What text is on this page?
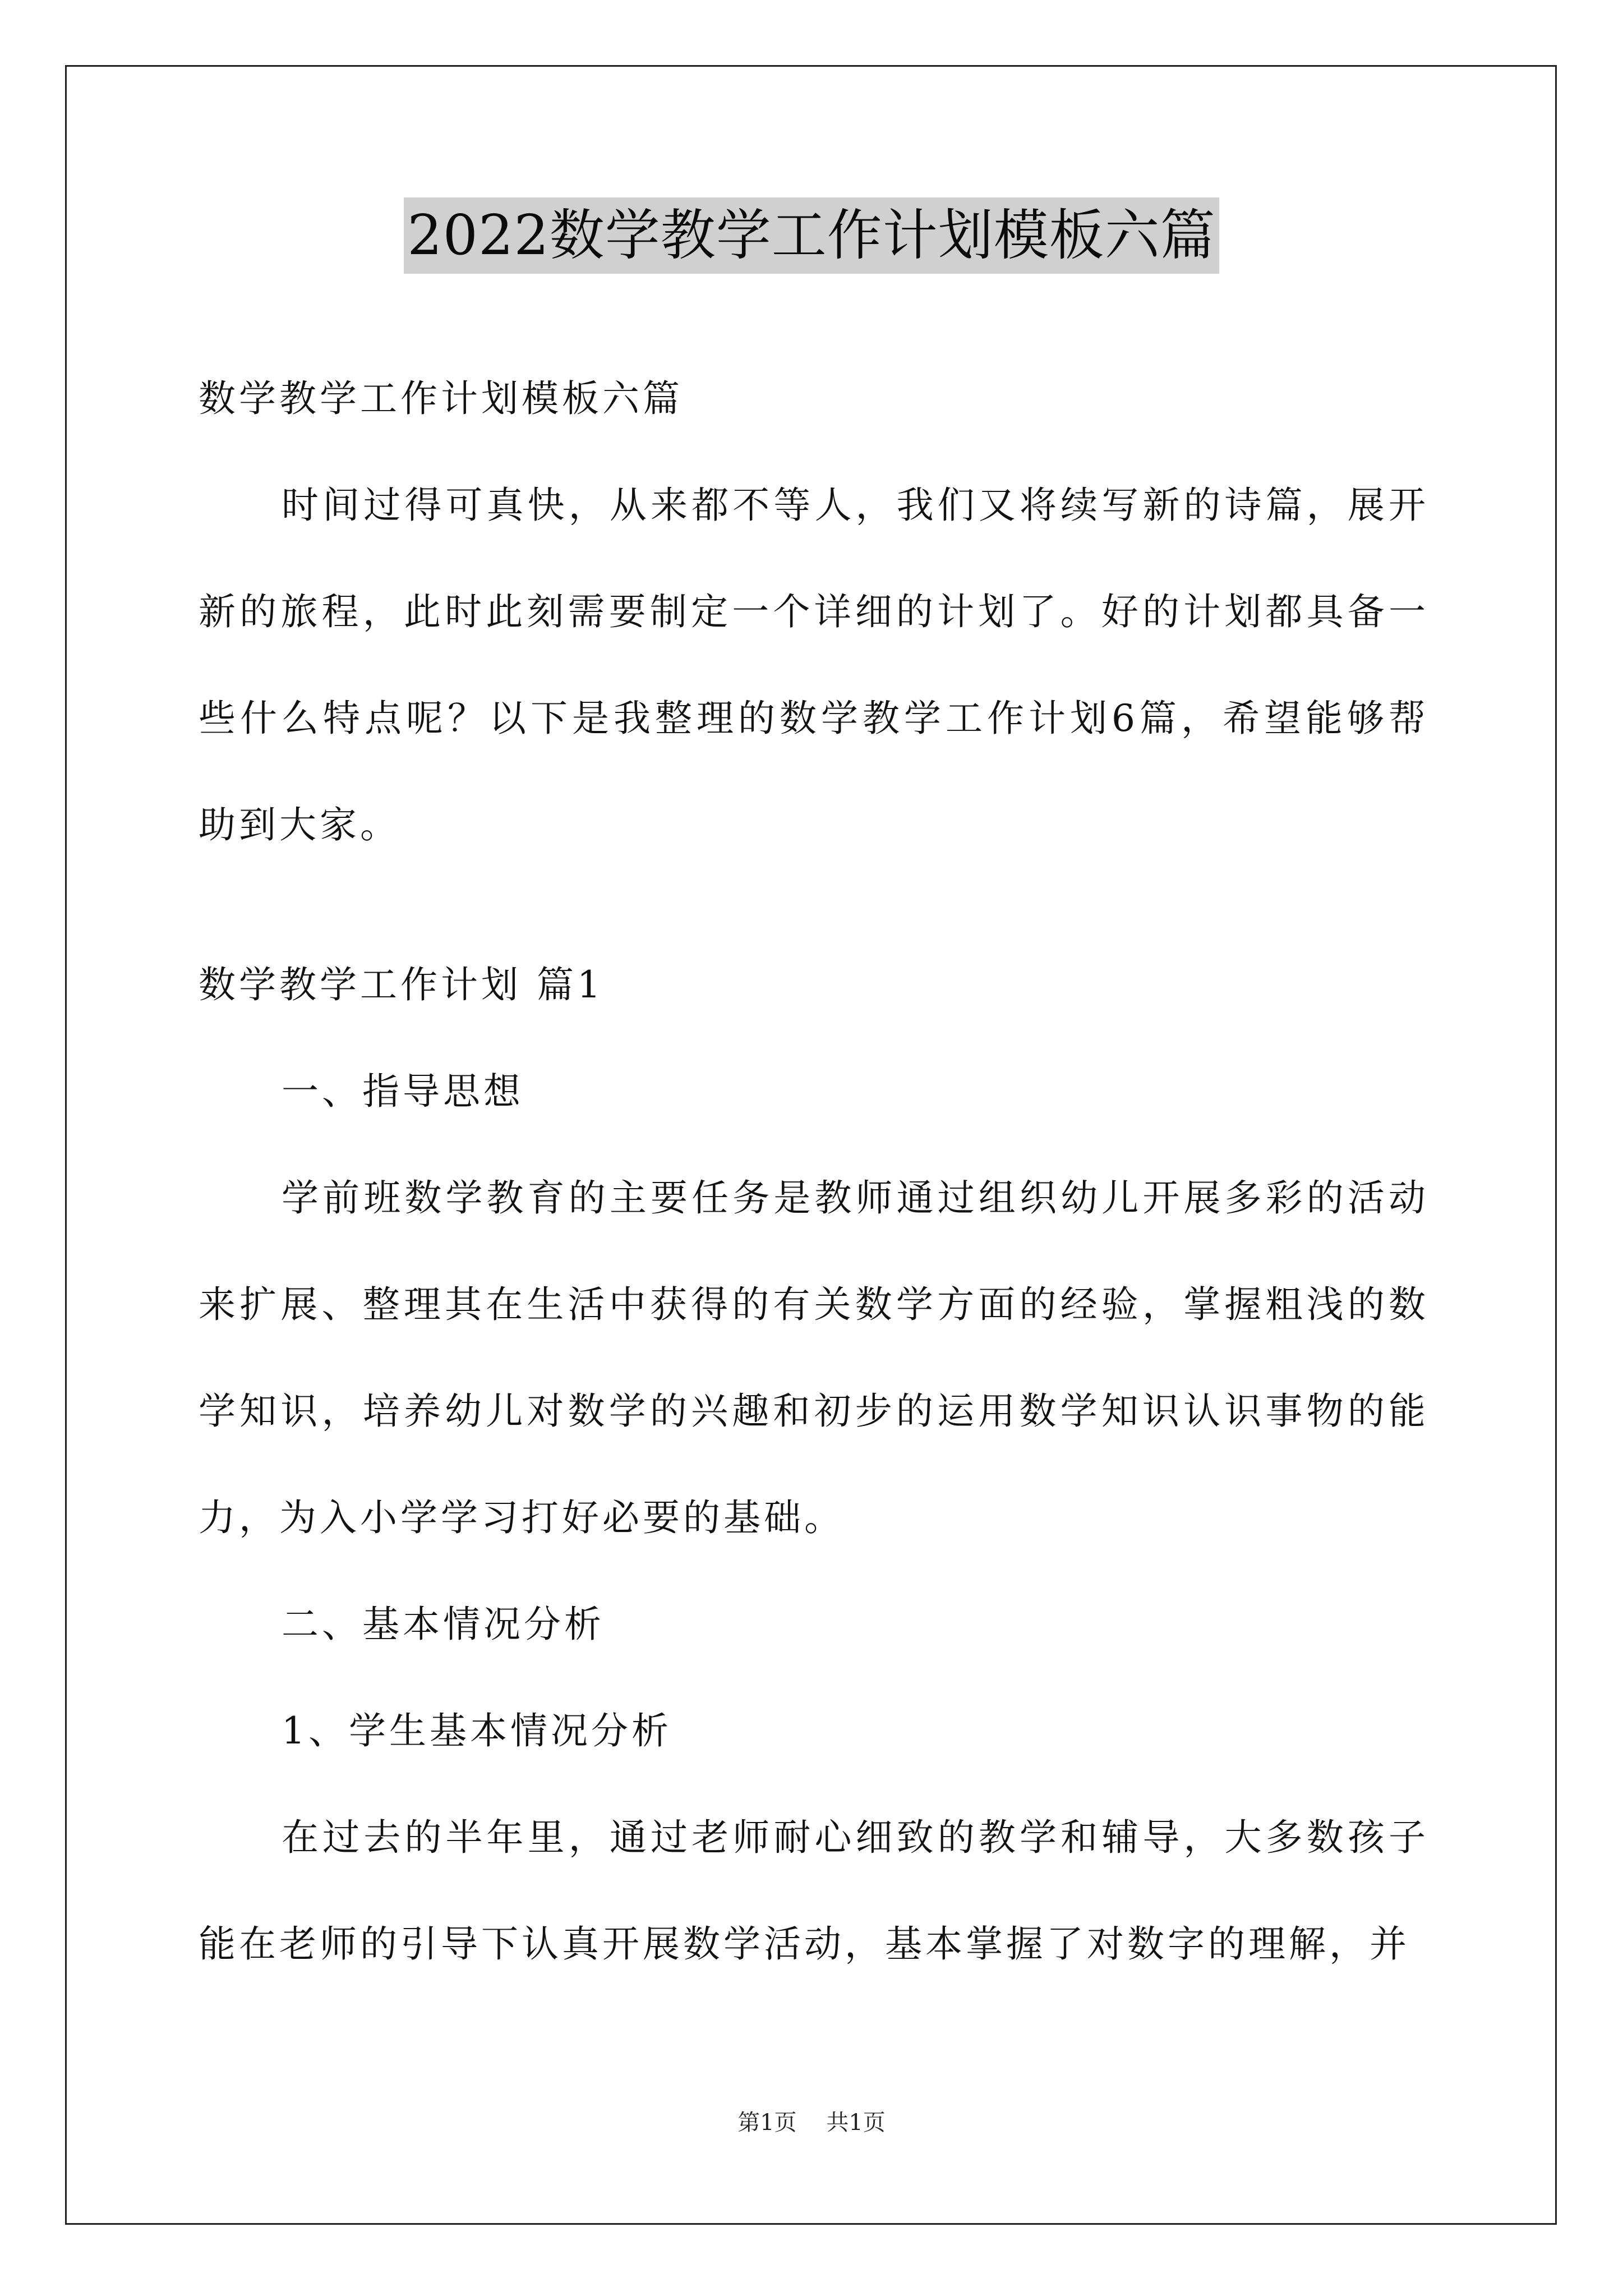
2022数学教学工作计划模板六篇

数学教学工作计划模板六篇

时间过得可真快，从来都不等人，我们又将续写新的诗篇，展开新的旅程，此时此刻需要制定一个详细的计划了。好的计划都具备一些什么特点呢？以下是我整理的数学教学工作计划6篇，希望能够帮助到大家。

数学教学工作计划 篇1

一、指导思想

学前班数学教育的主要任务是教师通过组织幼儿开展多彩的活动来扩展、整理其在生活中获得的有关数学方面的经验，掌握粗浅的数学知识，培养幼儿对数学的兴趣和初步的运用数学知识认识事物的能力，为入小学学习打好必要的基础。

二、基本情况分析

1、学生基本情况分析

在过去的半年里，通过老师耐心细致的教学和辅导，大多数孩子能在老师的引导下认真开展数学活动，基本掌握了对数字的理解，并

第1页 共1页
